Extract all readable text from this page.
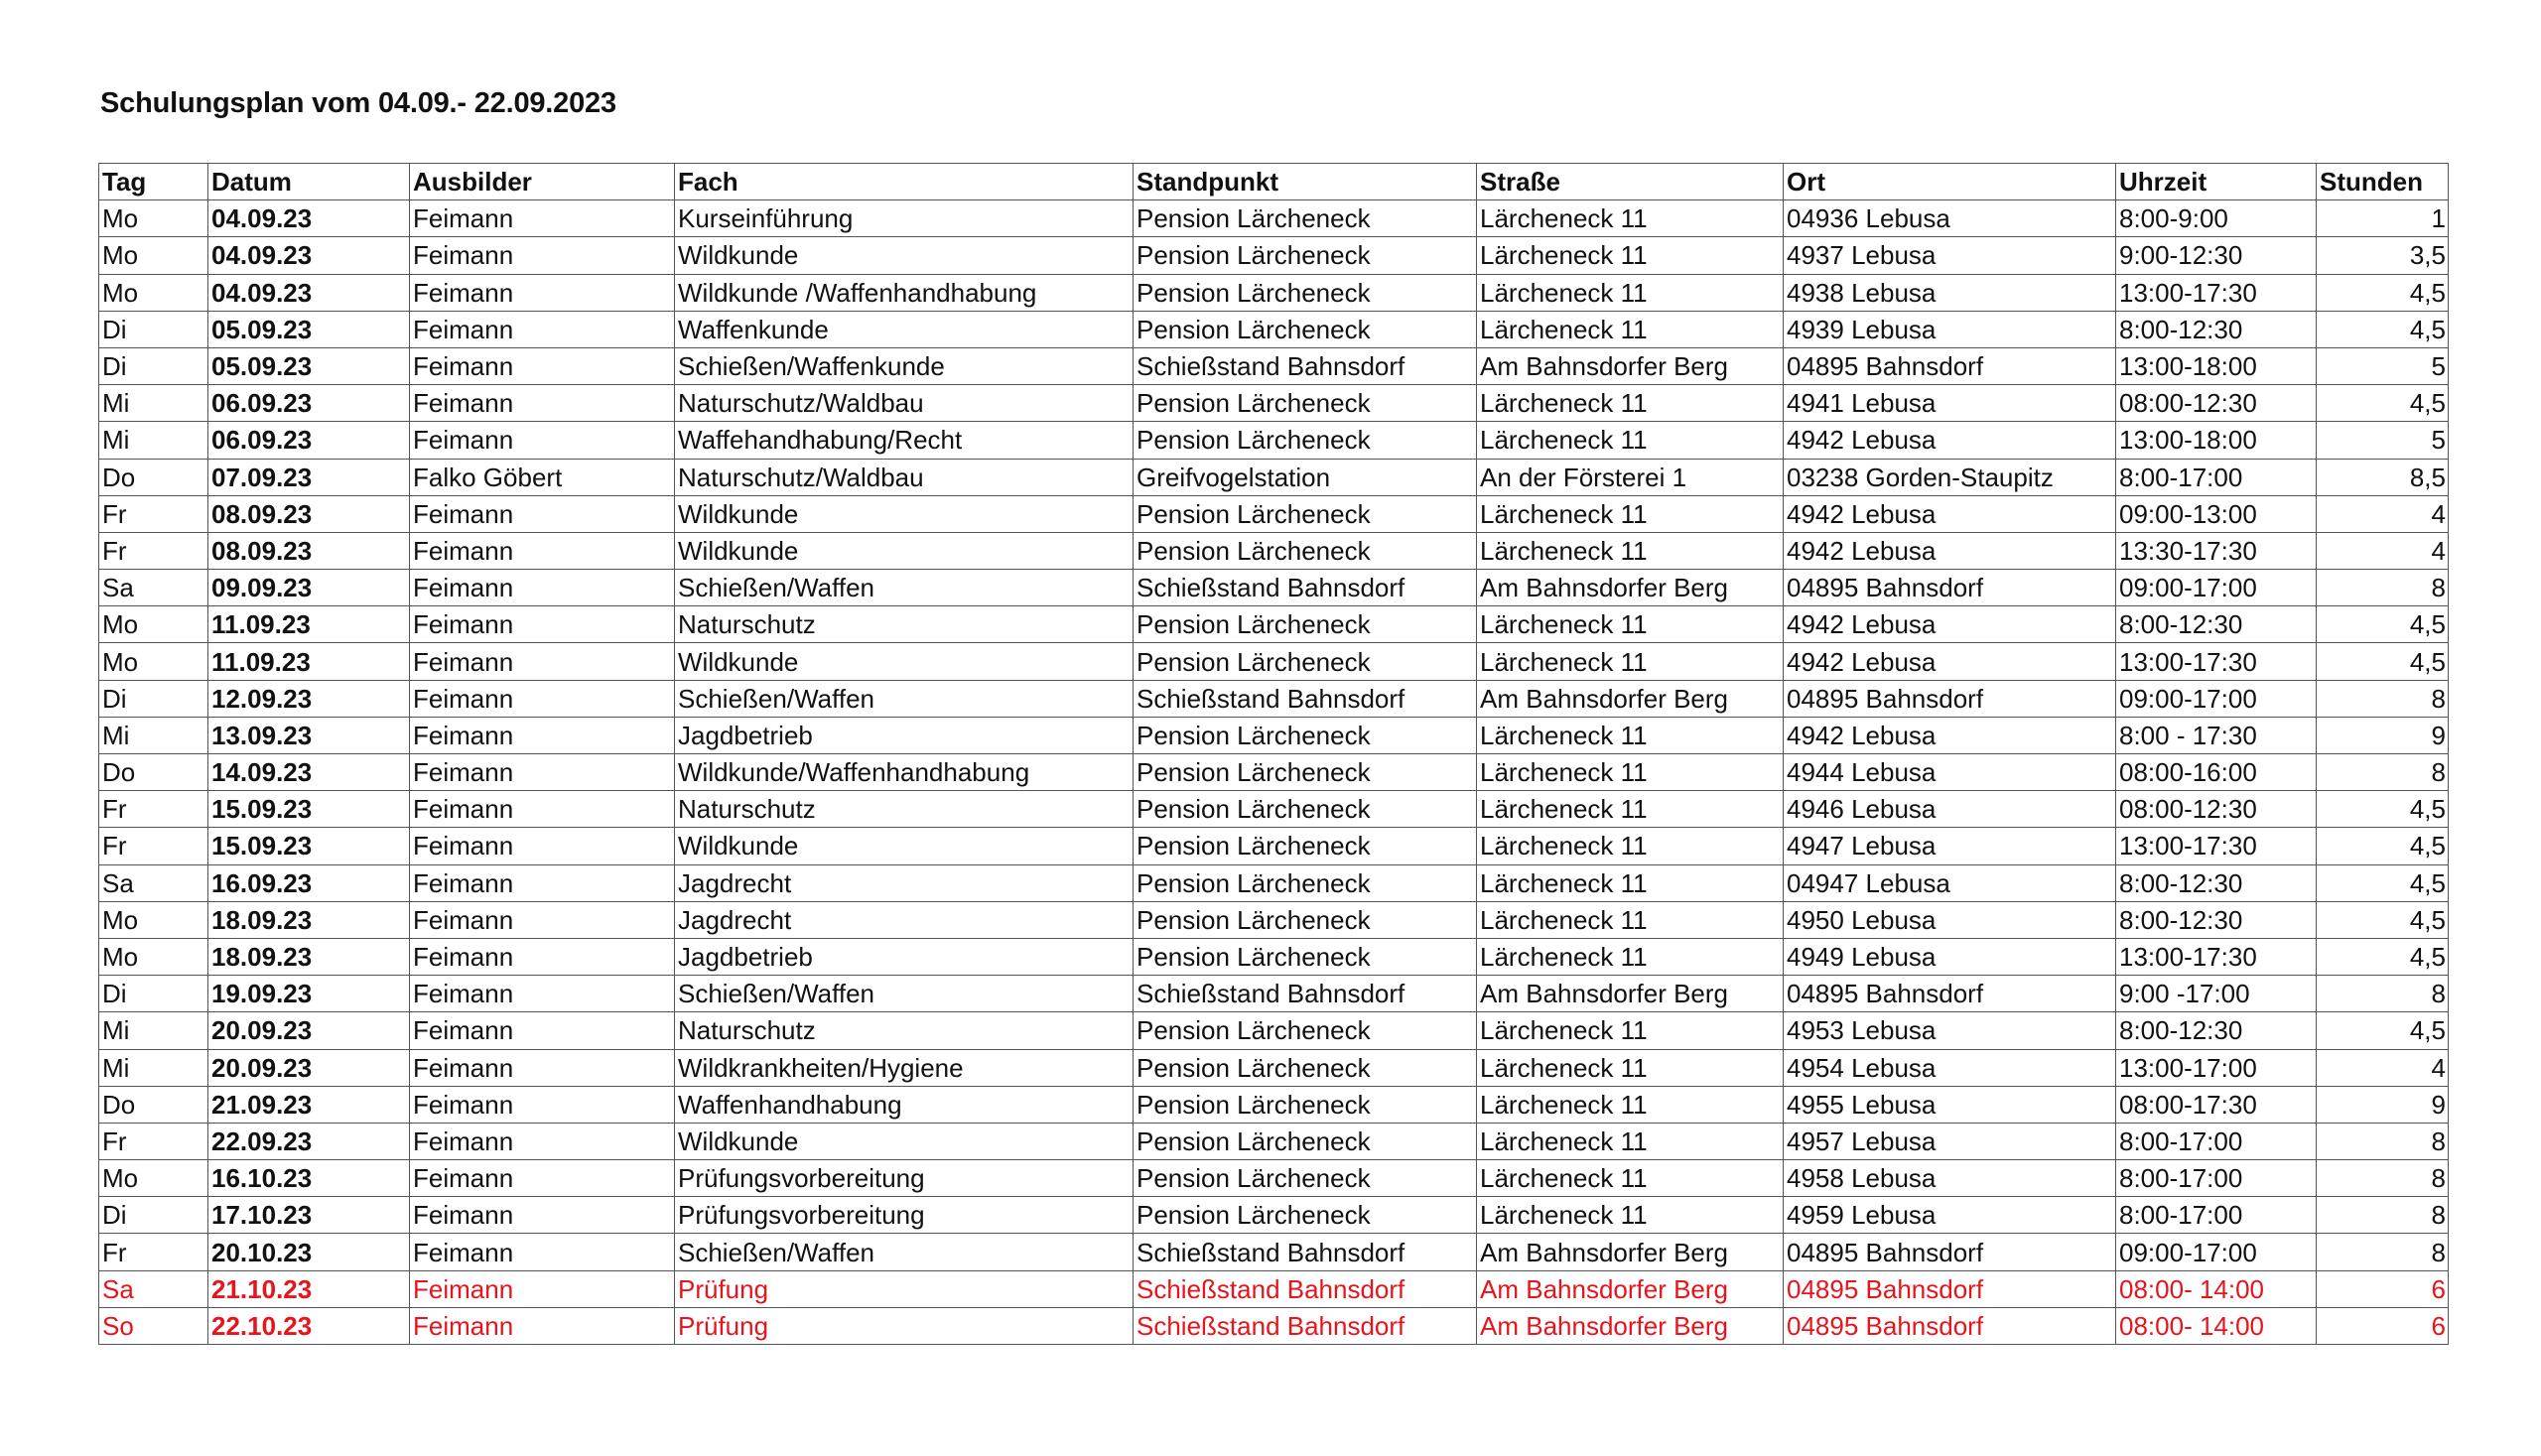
Schulungsplan vom 04.09.- 22.09.2023
Tag	Datum	Ausbilder	Fach	Standpunkt	Straße	Ort	Uhrzeit	Stunden
Mo	04.09.23	Feimann	Kurseinführung	Pension Lärcheneck	Lärcheneck 11	04936 Lebusa	8:00-9:00	1
Mo	04.09.23	Feimann	Wildkunde	Pension Lärcheneck	Lärcheneck 11	4937 Lebusa	9:00-12:30	3,5
Mo	04.09.23	Feimann	Wildkunde /Waffenhandhabung	Pension Lärcheneck	Lärcheneck 11	4938 Lebusa	13:00-17:30	4,5
Di	05.09.23	Feimann	Waffenkunde	Pension Lärcheneck	Lärcheneck 11	4939 Lebusa	8:00-12:30	4,5
Di	05.09.23	Feimann	Schießen/Waffenkunde	Schießstand Bahnsdorf	Am Bahnsdorfer Berg	04895 Bahnsdorf	13:00-18:00	5
Mi	06.09.23	Feimann	Naturschutz/Waldbau	Pension Lärcheneck	Lärcheneck 11	4941 Lebusa	08:00-12:30	4,5
Mi	06.09.23	Feimann	Waffehandhabung/Recht	Pension Lärcheneck	Lärcheneck 11	4942 Lebusa	13:00-18:00	5
Do	07.09.23	Falko Göbert	Naturschutz/Waldbau	Greifvogelstation	An der Försterei 1	03238 Gorden-Staupitz	8:00-17:00	8,5
Fr	08.09.23	Feimann	Wildkunde	Pension Lärcheneck	Lärcheneck 11	4942 Lebusa	09:00-13:00	4
Fr	08.09.23	Feimann	Wildkunde	Pension Lärcheneck	Lärcheneck 11	4942 Lebusa	13:30-17:30	4
Sa	09.09.23	Feimann	Schießen/Waffen	Schießstand Bahnsdorf	Am Bahnsdorfer Berg	04895 Bahnsdorf	09:00-17:00	8
Mo	11.09.23	Feimann	Naturschutz	Pension Lärcheneck	Lärcheneck 11	4942 Lebusa	8:00-12:30	4,5
Mo	11.09.23	Feimann	Wildkunde	Pension Lärcheneck	Lärcheneck 11	4942 Lebusa	13:00-17:30	4,5
Di	12.09.23	Feimann	Schießen/Waffen	Schießstand Bahnsdorf	Am Bahnsdorfer Berg	04895 Bahnsdorf	09:00-17:00	8
Mi	13.09.23	Feimann	Jagdbetrieb	Pension Lärcheneck	Lärcheneck 11	4942 Lebusa	8:00 - 17:30	9
Do	14.09.23	Feimann	Wildkunde/Waffenhandhabung	Pension Lärcheneck	Lärcheneck 11	4944 Lebusa	08:00-16:00	8
Fr	15.09.23	Feimann	Naturschutz	Pension Lärcheneck	Lärcheneck 11	4946 Lebusa	08:00-12:30	4,5
Fr	15.09.23	Feimann	Wildkunde	Pension Lärcheneck	Lärcheneck 11	4947 Lebusa	13:00-17:30	4,5
Sa	16.09.23	Feimann	Jagdrecht	Pension Lärcheneck	Lärcheneck 11	04947 Lebusa	8:00-12:30	4,5
Mo	18.09.23	Feimann	Jagdrecht	Pension Lärcheneck	Lärcheneck 11	4950 Lebusa	8:00-12:30	4,5
Mo	18.09.23	Feimann	Jagdbetrieb	Pension Lärcheneck	Lärcheneck 11	4949 Lebusa	13:00-17:30	4,5
Di	19.09.23	Feimann	Schießen/Waffen	Schießstand Bahnsdorf	Am Bahnsdorfer Berg	04895 Bahnsdorf	9:00 -17:00	8
Mi	20.09.23	Feimann	Naturschutz	Pension Lärcheneck	Lärcheneck 11	4953 Lebusa	8:00-12:30	4,5
Mi	20.09.23	Feimann	Wildkrankheiten/Hygiene	Pension Lärcheneck	Lärcheneck 11	4954 Lebusa	13:00-17:00	4
Do	21.09.23	Feimann	Waffenhandhabung	Pension Lärcheneck	Lärcheneck 11	4955 Lebusa	08:00-17:30	9
Fr	22.09.23	Feimann	Wildkunde	Pension Lärcheneck	Lärcheneck 11	4957 Lebusa	8:00-17:00	8
Mo	16.10.23	Feimann	Prüfungsvorbereitung	Pension Lärcheneck	Lärcheneck 11	4958 Lebusa	8:00-17:00	8
Di	17.10.23	Feimann	Prüfungsvorbereitung	Pension Lärcheneck	Lärcheneck 11	4959 Lebusa	8:00-17:00	8
Fr	20.10.23	Feimann	Schießen/Waffen	Schießstand Bahnsdorf	Am Bahnsdorfer Berg	04895 Bahnsdorf	09:00-17:00	8
Sa	21.10.23	Feimann	Prüfung	Schießstand Bahnsdorf	Am Bahnsdorfer Berg	04895 Bahnsdorf	08:00- 14:00	6
So	22.10.23	Feimann	Prüfung	Schießstand Bahnsdorf	Am Bahnsdorfer Berg	04895 Bahnsdorf	08:00- 14:00	6
